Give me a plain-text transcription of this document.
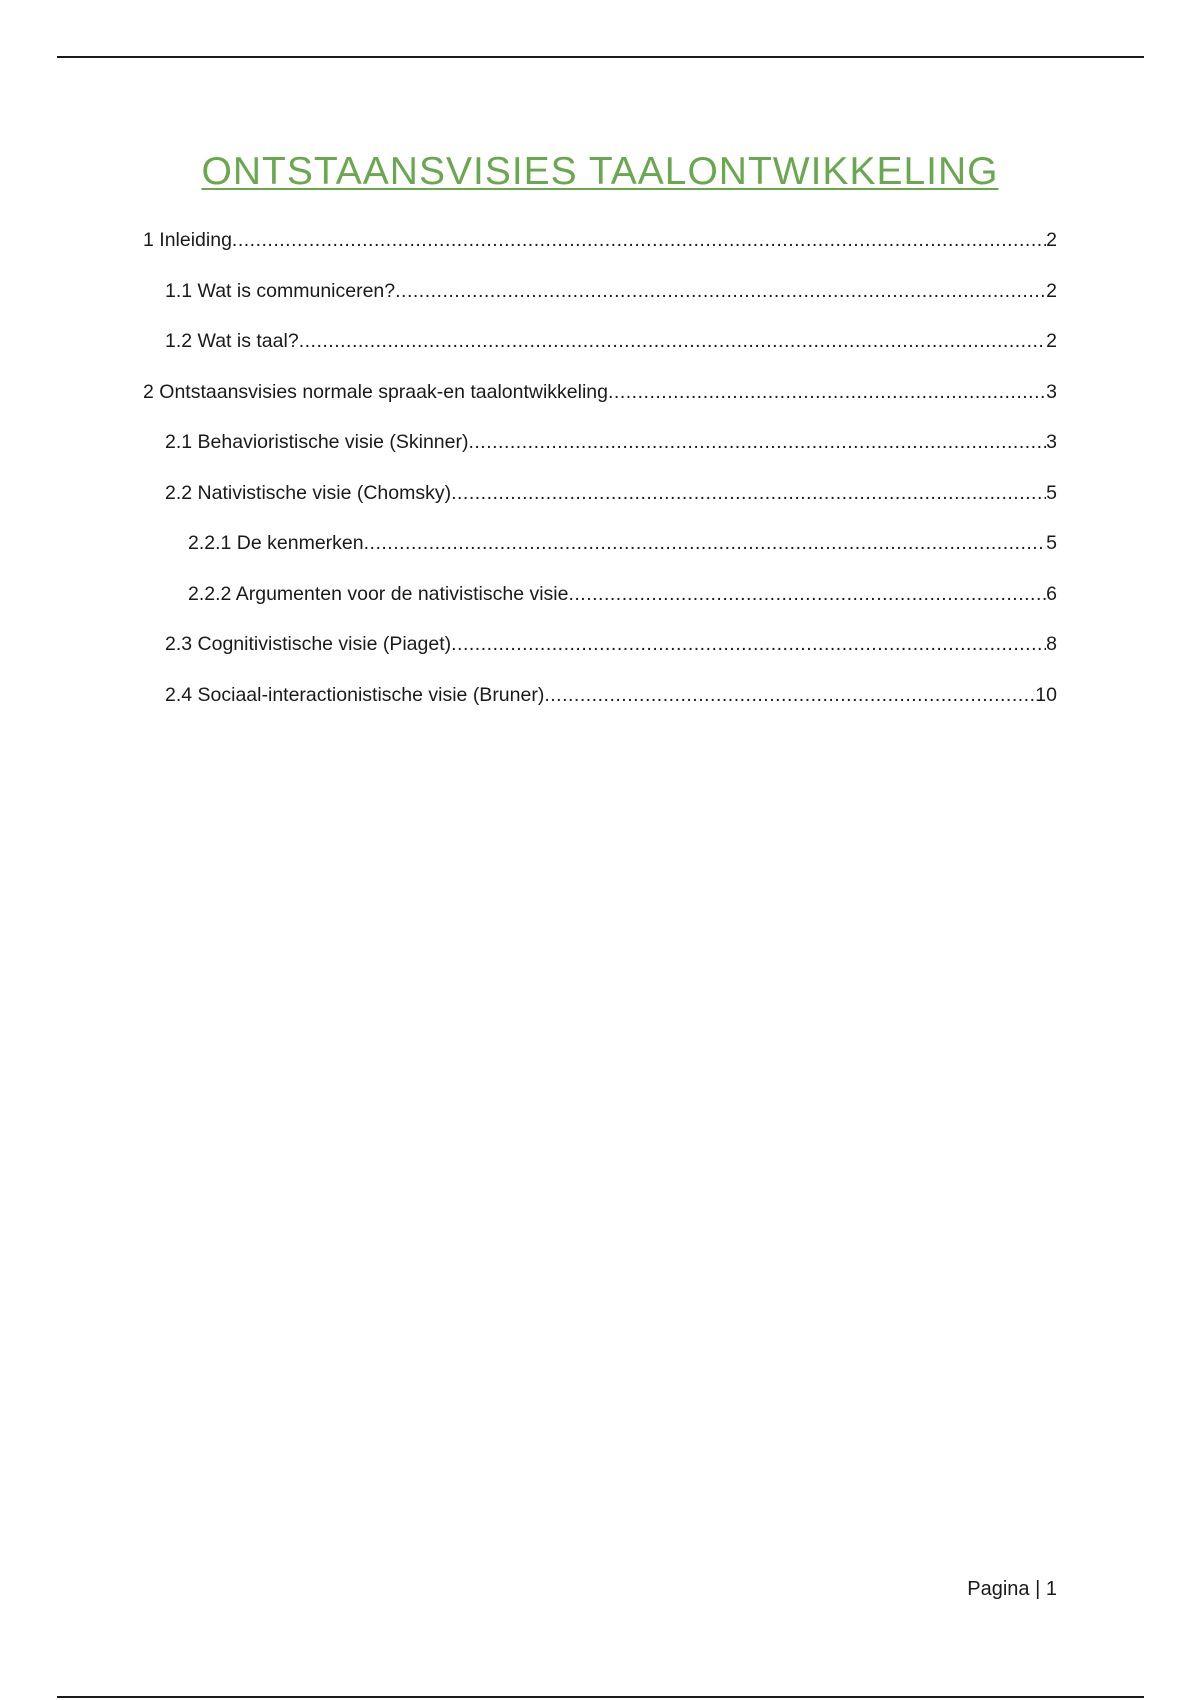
ONTSTAANSVISIES TAALONTWIKKELING
1 Inleiding .....	2
1.1 Wat is communiceren? .....	2
1.2 Wat is taal? .....	2
2 Ontstaansvisies normale spraak-en taalontwikkeling .....	3
2.1 Behavioristische visie (Skinner) .....	3
2.2 Nativistische visie (Chomsky) .....	5
2.2.1 De kenmerken .....	5
2.2.2 Argumenten voor de nativistische visie .....	6
2.3 Cognitivistische visie (Piaget) .....	8
2.4 Sociaal-interactionistische visie (Bruner) .....	10
Pagina | 1
